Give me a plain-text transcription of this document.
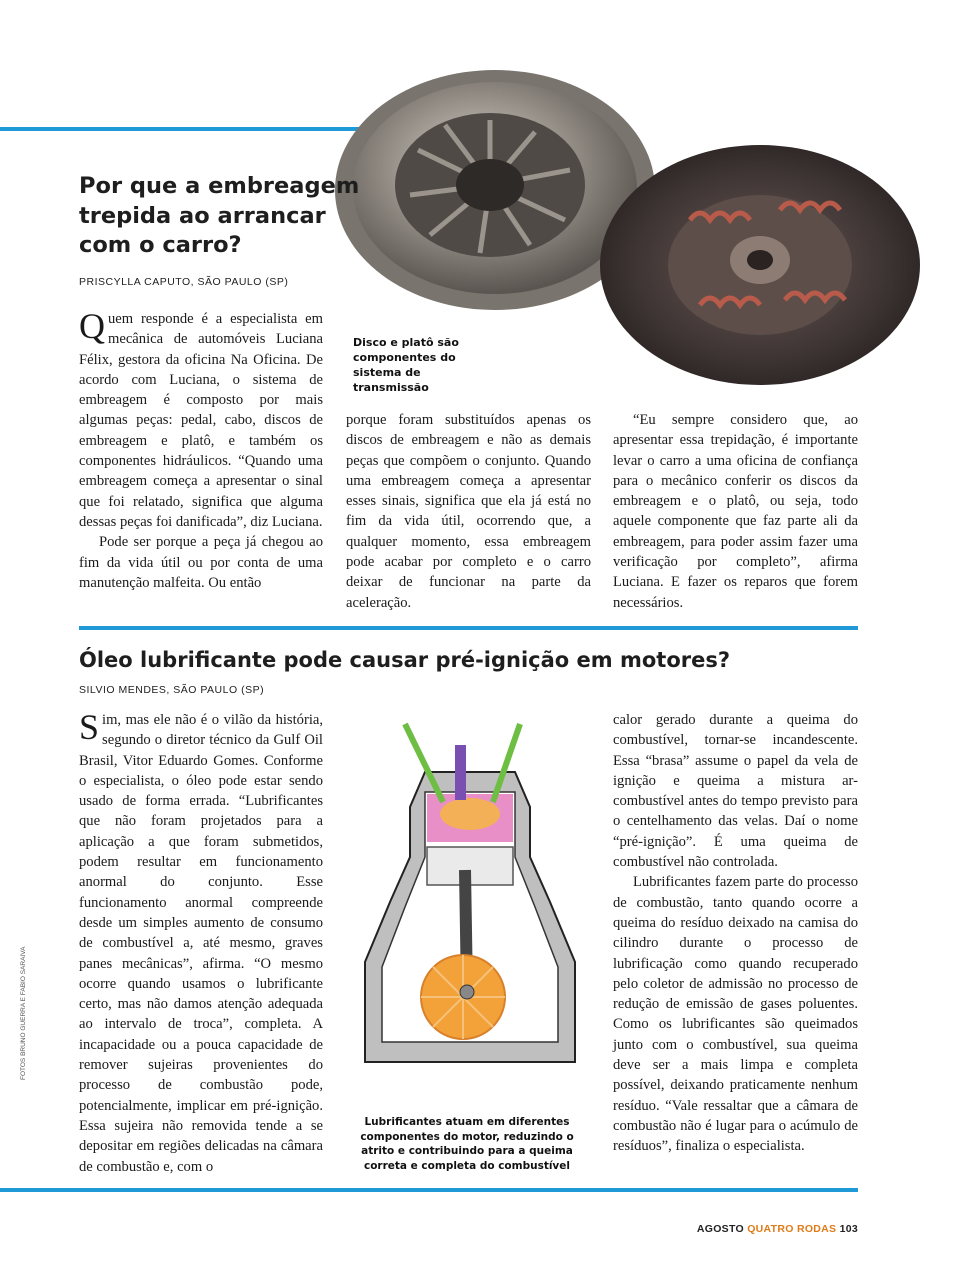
Por que a embreagem
trepida ao arrancar
com o carro?
PRISCYLLA CAPUTO, SÃO PAULO (SP)
Disco e platô são componentes do sistema de transmissão

Quem responde é a especialista em mecânica de automóveis Luciana Félix, gestora da oficina Na Oficina. De acordo com Luciana, o sistema de embreagem é composto por mais algumas peças: pedal, cabo, discos de embreagem e platô, e também os componentes hidráulicos. “Quando uma embreagem começa a apresentar o sinal que foi relatado, significa que alguma dessas peças foi danificada”, diz Luciana.

Pode ser porque a peça já chegou ao fim da vida útil ou por conta de uma manutenção malfeita. Ou então

porque foram substituídos apenas os discos de embreagem e não as demais peças que compõem o conjunto. Quando uma embreagem começa a apresentar esses sinais, significa que ela já está no fim da vida útil, ocorrendo que, a qualquer momento, essa embreagem pode acabar por completo e o carro deixar de funcionar na parte da aceleração.

“Eu sempre considero que, ao apresentar essa trepidação, é importante levar o carro a uma oficina de confiança para o mecânico conferir os discos da embreagem e o platô, ou seja, todo aquele componente que faz parte ali da embreagem, para poder assim fazer uma verificação por completo”, afirma Luciana. E fazer os reparos que forem necessários.

Óleo lubrificante pode causar pré-ignição em motores?
SILVIO MENDES, SÃO PAULO (SP)

Sim, mas ele não é o vilão da história, segundo o diretor técnico da Gulf Oil Brasil, Vitor Eduardo Gomes. Conforme o especialista, o óleo pode estar sendo usado de forma errada. “Lubrificantes que não foram projetados para a aplicação a que foram submetidos, podem resultar em funcionamento anormal do conjunto. Esse funcionamento anormal compreende desde um simples aumento de consumo de combustível a, até mesmo, graves panes mecânicas”, afirma. “O mesmo ocorre quando usamos o lubrificante certo, mas não damos atenção adequada ao intervalo de troca”, completa. A incapacidade ou a pouca capacidade de remover sujeiras provenientes do processo de combustão pode, potencialmente, implicar em pré-ignição. Essa sujeira não removida tende a se depositar em regiões delicadas na câmara de combustão e, com o

Lubrificantes atuam em diferentes componentes do motor, reduzindo o atrito e contribuindo para a queima correta e completa do combustível

calor gerado durante a queima do combustível, tornar-se incandescente. Essa “brasa” assume o papel da vela de ignição e queima a mistura ar-combustível antes do tempo previsto para o centelhamento das velas. Daí o nome “pré-ignição”. É uma queima de combustível não controlada.

Lubrificantes fazem parte do processo de combustão, tanto quando ocorre a queima do resíduo deixado na camisa do cilindro durante o processo de lubrificação como quando recuperado pelo coletor de admissão no processo de redução de emissão de gases poluentes. Como os lubrificantes são queimados junto com o combustível, sua queima deve ser a mais limpa e completa possível, deixando praticamente nenhum resíduo. “Vale ressaltar que a câmara de combustão não é lugar para o acúmulo de resíduos”, finaliza o especialista.

FOTOS BRUNO GUERRA E FABIO SARAIVA
AGOSTO QUATRO RODAS 103
